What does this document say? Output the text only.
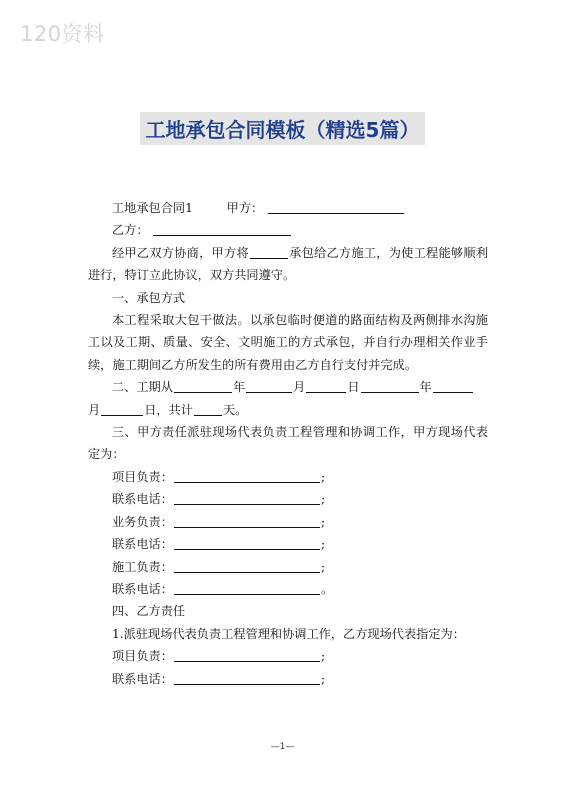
120资料
工地承包合同模板（精选5篇）

工地承包合同1	甲方：

乙方：

经甲乙双方协商，甲方将	承包给乙方施工，为使工程能够顺利进行，特订立此协议，双方共同遵守。

一、承包方式

本工程采取大包干做法。以承包临时便道的路面结构及两侧排水沟施工以及工期、质量、安全、文明施工的方式承包，并自行办理相关作业手续，施工期间乙方所发生的所有费用由乙方自行支付并完成。

二、工期从	年	月	日	年

月	日，共计 天。

三、甲方责任派驻现场代表负责工程管理和协调工作，甲方现场代表定为：

项目负责：	;

联系电话：	;

业务负责：	;

联系电话：	;

施工负责：	;

联系电话：	。

四、乙方责任

1.派驻现场代表负责工程管理和协调工作，乙方现场代表指定为：

项目负责：	;

联系电话：	;

—1—
